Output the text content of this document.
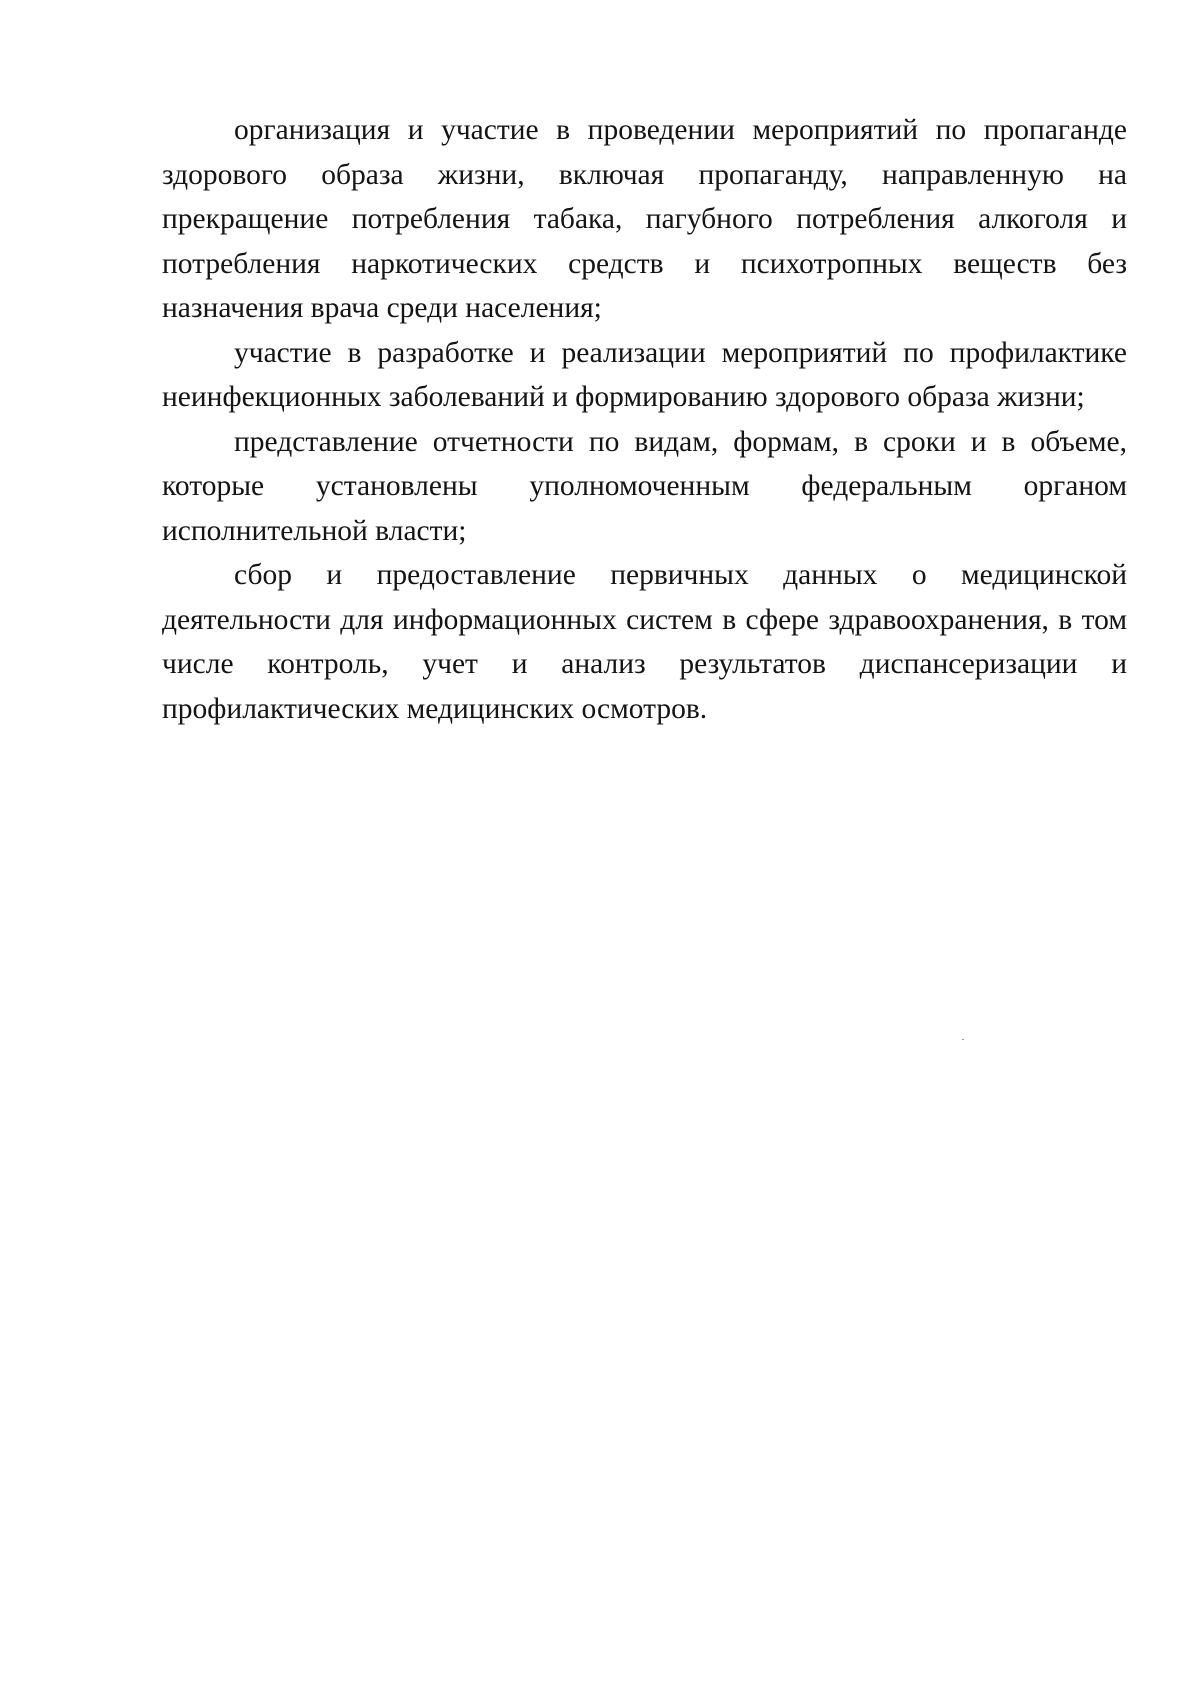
организация и участие в проведении мероприятий по пропаганде здорового образа жизни, включая пропаганду, направленную на прекращение потребления табака, пагубного потребления алкоголя и потребления наркотических средств и психотропных веществ без назначения врача среди населения;

участие в разработке и реализации мероприятий по профилактике неинфекционных заболеваний и формированию здорового образа жизни;

представление отчетности по видам, формам, в сроки и в объеме, которые установлены уполномоченным федеральным органом исполнительной власти;

сбор и предоставление первичных данных о медицинской деятельности для информационных систем в сфере здравоохранения, в том числе контроль, учет и анализ результатов диспансеризации и профилактических медицинских осмотров.
